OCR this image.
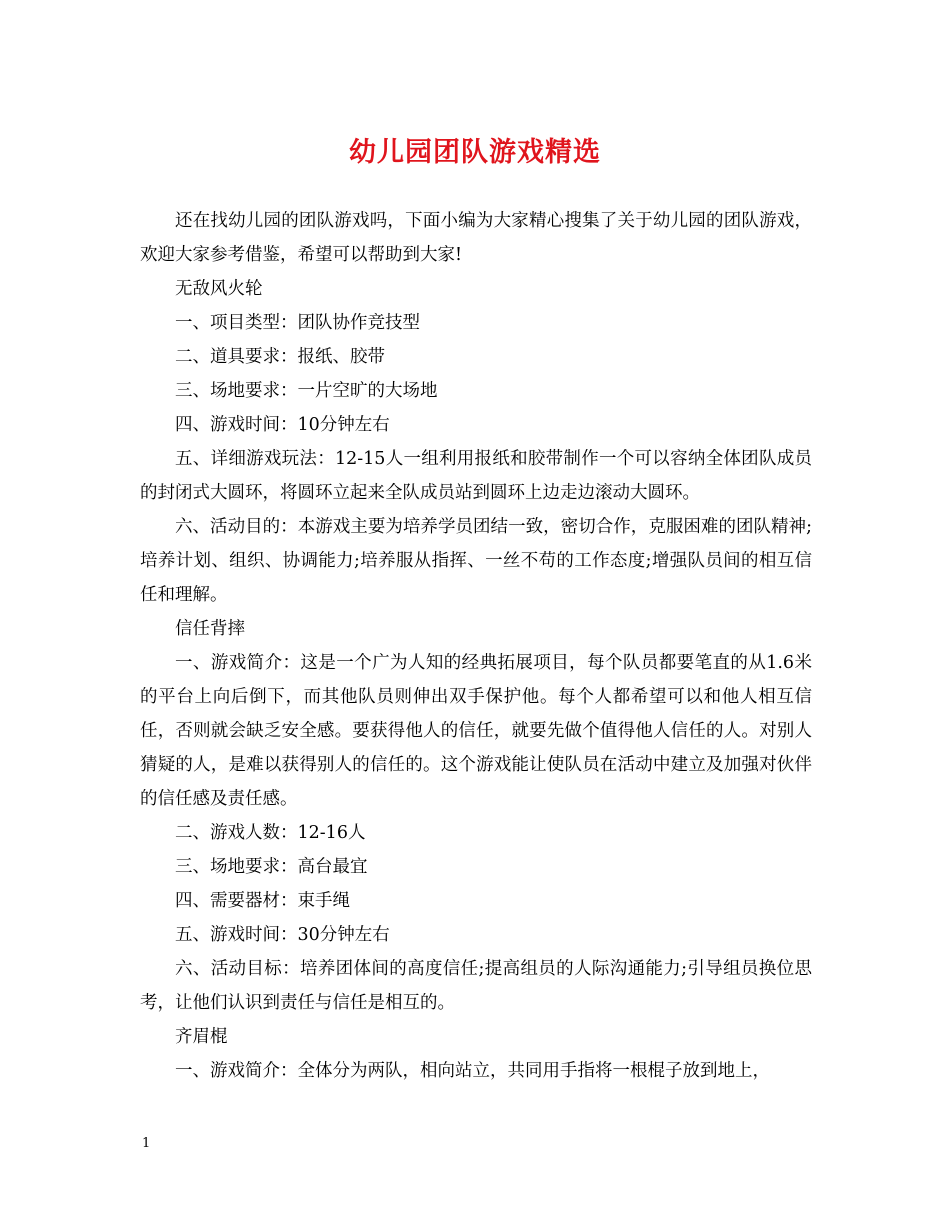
幼儿园团队游戏精选

还在找幼儿园的团队游戏吗，下面小编为大家精心搜集了关于幼儿园的团队游戏，欢迎大家参考借鉴，希望可以帮助到大家!

无敌风火轮

一、项目类型：团队协作竞技型

二、道具要求：报纸、胶带

三、场地要求：一片空旷的大场地

四、游戏时间：10分钟左右

五、详细游戏玩法：12-15人一组利用报纸和胶带制作一个可以容纳全体团队成员的封闭式大圆环，将圆环立起来全队成员站到圆环上边走边滚动大圆环。

六、活动目的：本游戏主要为培养学员团结一致，密切合作，克服困难的团队精神;培养计划、组织、协调能力;培养服从指挥、一丝不苟的工作态度;增强队员间的相互信任和理解。

信任背摔

一、游戏简介：这是一个广为人知的经典拓展项目，每个队员都要笔直的从1.6米的平台上向后倒下，而其他队员则伸出双手保护他。每个人都希望可以和他人相互信任，否则就会缺乏安全感。要获得他人的信任，就要先做个值得他人信任的人。对别人猜疑的人，是难以获得别人的信任的。这个游戏能让使队员在活动中建立及加强对伙伴的信任感及责任感。

二、游戏人数：12-16人

三、场地要求：高台最宜

四、需要器材：束手绳

五、游戏时间：30分钟左右

六、活动目标：培养团体间的高度信任;提高组员的人际沟通能力;引导组员换位思考，让他们认识到责任与信任是相互的。

齐眉棍

一、游戏简介：全体分为两队，相向站立，共同用手指将一根棍子放到地上，

1
